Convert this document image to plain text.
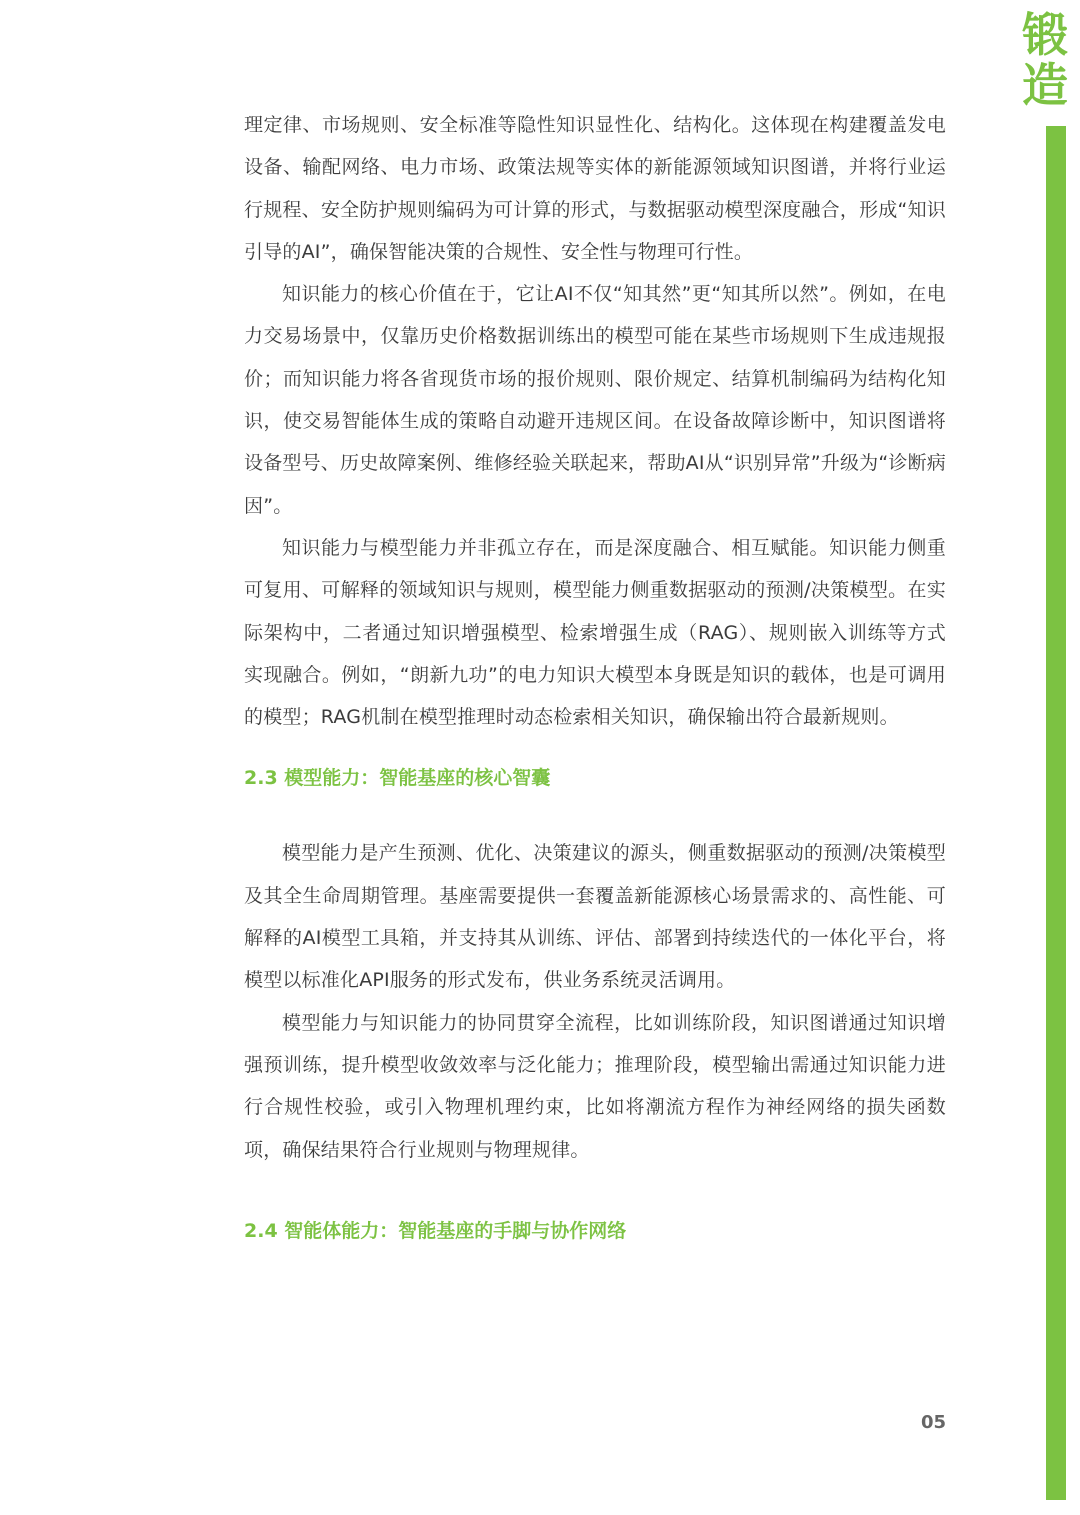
锻
造

理定律、市场规则、安全标准等隐性知识显性化、结构化。这体现在构建覆盖发电设备、输配网络、电力市场、政策法规等实体的新能源领域知识图谱，并将行业运行规程、安全防护规则编码为可计算的形式，与数据驱动模型深度融合，形成“知识引导的AI”，确保智能决策的合规性、安全性与物理可行性。

知识能力的核心价值在于，它让AI不仅“知其然”更“知其所以然”。例如，在电力交易场景中，仅靠历史价格数据训练出的模型可能在某些市场规则下生成违规报价；而知识能力将各省现货市场的报价规则、限价规定、结算机制编码为结构化知识，使交易智能体生成的策略自动避开违规区间。在设备故障诊断中，知识图谱将设备型号、历史故障案例、维修经验关联起来，帮助AI从“识别异常”升级为“诊断病因”。

知识能力与模型能力并非孤立存在，而是深度融合、相互赋能。知识能力侧重可复用、可解释的领域知识与规则，模型能力侧重数据驱动的预测/决策模型。在实际架构中，二者通过知识增强模型、检索增强生成（RAG）、规则嵌入训练等方式实现融合。例如，“朗新九功”的电力知识大模型本身既是知识的载体，也是可调用的模型；RAG机制在模型推理时动态检索相关知识，确保输出符合最新规则。

2.3 模型能力：智能基座的核心智囊

模型能力是产生预测、优化、决策建议的源头，侧重数据驱动的预测/决策模型及其全生命周期管理。基座需要提供一套覆盖新能源核心场景需求的、高性能、可解释的AI模型工具箱，并支持其从训练、评估、部署到持续迭代的一体化平台，将模型以标准化API服务的形式发布，供业务系统灵活调用。

模型能力与知识能力的协同贯穿全流程，比如训练阶段，知识图谱通过知识增强预训练，提升模型收敛效率与泛化能力；推理阶段，模型输出需通过知识能力进行合规性校验，或引入物理机理约束，比如将潮流方程作为神经网络的损失函数项，确保结果符合行业规则与物理规律。

2.4 智能体能力：智能基座的手脚与协作网络
05
